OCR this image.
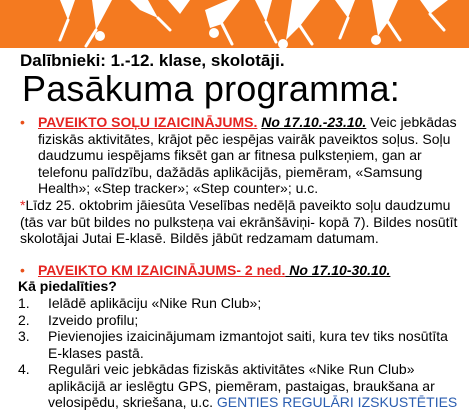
Dalībnieki: 1.-12. klase, skolotāji.
Pasākuma programma:
• PAVEIKTO SOĻU IZAICINĀJUMS. No 17.10.-23.10. Veic jebkādas
fiziskās aktivitātes, krājot pēc iespējas vairāk paveiktos soļus. Soļu
daudzumu iespējams fiksēt gan ar fitnesa pulksteņiem, gan ar
telefonu palīdzību, dažādās aplikācijās, piemēram, «Samsung
Health»; «Step tracker»; «Step counter»; u.c.
*Līdz 25. oktobrim jāiesūta Veselības nedēļā paveikto soļu daudzumu
(tās var būt bildes no pulksteņa vai ekrānšāviņi- kopā 7). Bildes nosūtīt
skolotājai Jutai E-klasē. Bildēs jābūt redzamam datumam.
• PAVEIKTO KM IZAICINĀJUMS- 2 ned. No 17.10-30.10.
Kā piedalīties?
1. Ielādē aplikāciju «Nike Run Club»;
2. Izveido profilu;
3. Pievienojies izaicinājumam izmantojot saiti, kura tev tiks nosūtīta
E-klases pastā.
4. Regulāri veic jebkādas fiziskās aktivitātes «Nike Run Club»
aplikācijā ar ieslēgtu GPS, piemēram, pastaigas, braukšana ar
velosipēdu, skriešana, u.c. GENTIES REGULĀRI IZSKUSTĒTIES
